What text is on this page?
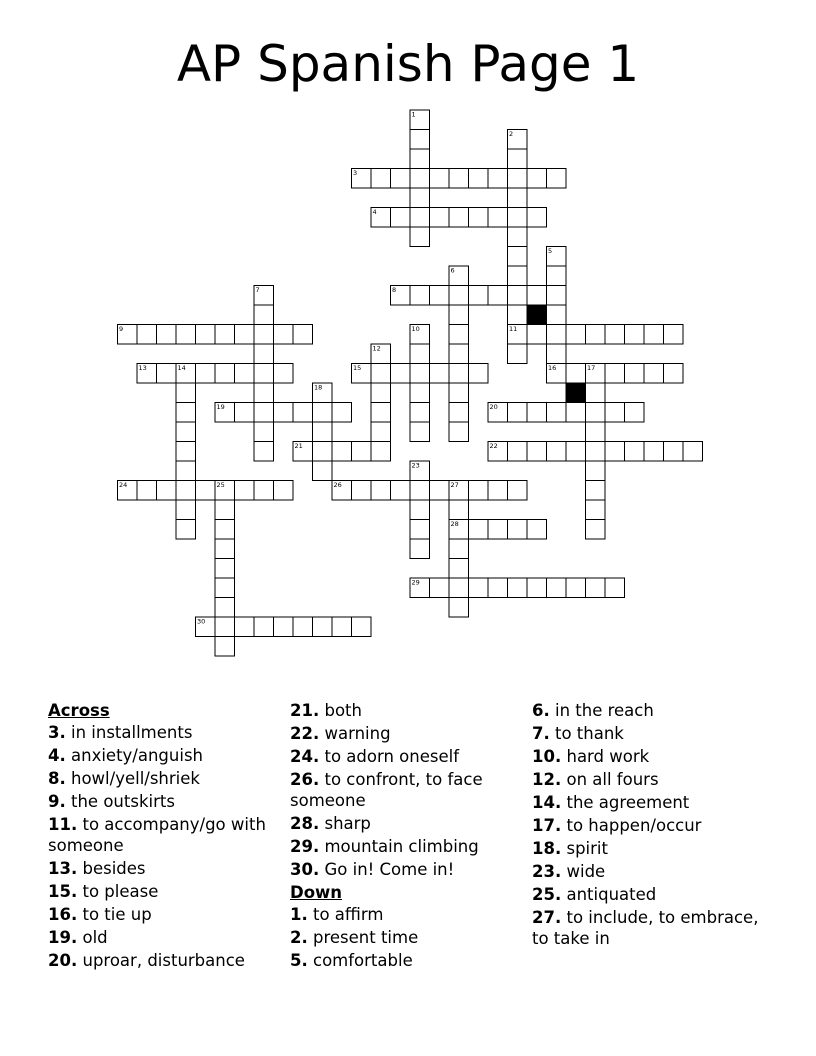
AP Spanish Page 1
1
2
3
4
5
6
7	8
9	10	11
12
13	14	15	16	17
18
19	20
21	22
23
24	25	26	27
28
29
30
Across
3. in installments
4. anxiety/anguish
8. howl/yell/shriek
9. the outskirts
11. to accompany/go with someone
13. besides
15. to please
16. to tie up
19. old
20. uproar, disturbance
21. both
22. warning
24. to adorn oneself
26. to confront, to face someone
28. sharp
29. mountain climbing
30. Go in! Come in!
Down
1. to affirm
2. present time
5. comfortable
6. in the reach
7. to thank
10. hard work
12. on all fours
14. the agreement
17. to happen/occur
18. spirit
23. wide
25. antiquated
27. to include, to embrace, to take in
